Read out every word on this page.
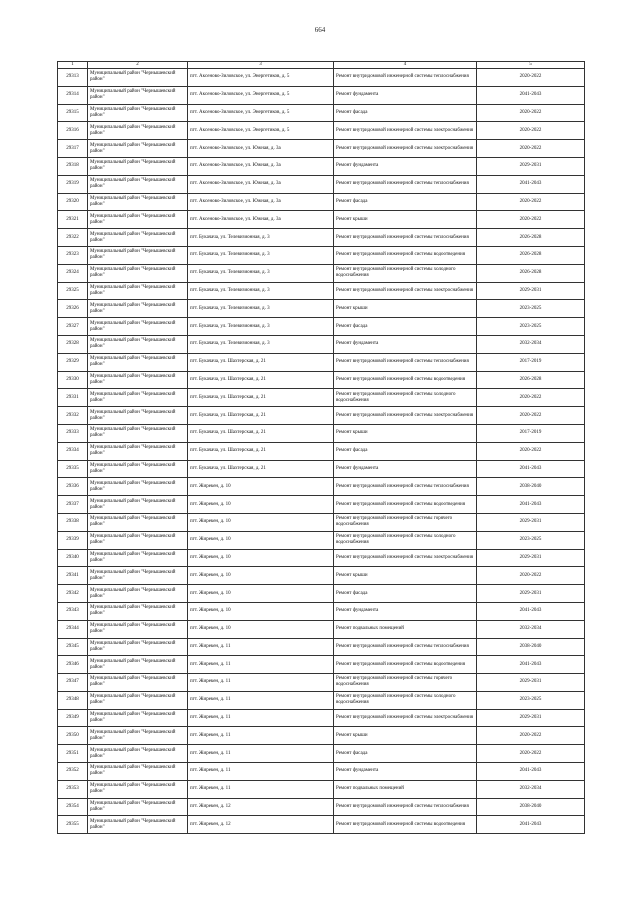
664
1	2	3	4	5
29313	Муниципальный район "Чернышевский район"	пгт. Аксеново-Зиловское, ул. Энергетиков, д. 5	Ремонт внутридомовой инженерной системы теплоснабжения	2020-2022
29314	Муниципальный район "Чернышевский район"	пгт. Аксеново-Зиловское, ул. Энергетиков, д. 5	Ремонт фундамента	2041-2043
29315	Муниципальный район "Чернышевский район"	пгт. Аксеново-Зиловское, ул. Энергетиков, д. 5	Ремонт фасада	2020-2022
29316	Муниципальный район "Чернышевский район"	пгт. Аксеново-Зиловское, ул. Энергетиков, д. 5	Ремонт внутридомовой инженерной системы электроснабжения	2020-2022
29317	Муниципальный район "Чернышевский район"	пгт. Аксеново-Зиловское, ул. Южная, д. 3а	Ремонт внутридомовой инженерной системы электроснабжения	2020-2022
29318	Муниципальный район "Чернышевский район"	пгт. Аксеново-Зиловское, ул. Южная, д. 3а	Ремонт фундамента	2029-2031
29319	Муниципальный район "Чернышевский район"	пгт. Аксеново-Зиловское, ул. Южная, д. 3а	Ремонт внутридомовой инженерной системы теплоснабжения	2041-2043
29320	Муниципальный район "Чернышевский район"	пгт. Аксеново-Зиловское, ул. Южная, д. 3а	Ремонт фасада	2020-2022
29321	Муниципальный район "Чернышевский район"	пгт. Аксеново-Зиловское, ул. Южная, д. 3а	Ремонт крыши	2020-2022
29322	Муниципальный район "Чернышевский район"	пгт. Букачача, ул. Телевизионная, д. 3	Ремонт внутридомовой инженерной системы теплоснабжения	2026-2028
29323	Муниципальный район "Чернышевский район"	пгт. Букачача, ул. Телевизионная, д. 3	Ремонт внутридомовой инженерной системы водоотведения	2026-2028
29324	Муниципальный район "Чернышевский район"	пгт. Букачача, ул. Телевизионная, д. 3	Ремонт внутридомовой инженерной системы холодного водоснабжения	2026-2028
29325	Муниципальный район "Чернышевский район"	пгт. Букачача, ул. Телевизионная, д. 3	Ремонт внутридомовой инженерной системы электроснабжения	2029-2031
29326	Муниципальный район "Чернышевский район"	пгт. Букачача, ул. Телевизионная, д. 3	Ремонт крыши	2023-2025
29327	Муниципальный район "Чернышевский район"	пгт. Букачача, ул. Телевизионная, д. 3	Ремонт фасада	2023-2025
29328	Муниципальный район "Чернышевский район"	пгт. Букачача, ул. Телевизионная, д. 3	Ремонт фундамента	2032-2034
29329	Муниципальный район "Чернышевский район"	пгт. Букачача, ул. Шахтерская, д. 21	Ремонт внутридомовой инженерной системы теплоснабжения	2017-2019
29330	Муниципальный район "Чернышевский район"	пгт. Букачача, ул. Шахтерская, д. 21	Ремонт внутридомовой инженерной системы водоотведения	2026-2028
29331	Муниципальный район "Чернышевский район"	пгт. Букачача, ул. Шахтерская, д. 21	Ремонт внутридомовой инженерной системы холодного водоснабжения	2020-2022
29332	Муниципальный район "Чернышевский район"	пгт. Букачача, ул. Шахтерская, д. 21	Ремонт внутридомовой инженерной системы электроснабжения	2020-2022
29333	Муниципальный район "Чернышевский район"	пгт. Букачача, ул. Шахтерская, д. 21	Ремонт крыши	2017-2019
29334	Муниципальный район "Чернышевский район"	пгт. Букачача, ул. Шахтерская, д. 21	Ремонт фасада	2020-2022
29335	Муниципальный район "Чернышевский район"	пгт. Букачача, ул. Шахтерская, д. 21	Ремонт фундамента	2041-2043
29336	Муниципальный район "Чернышевский район"	пгт. Жирекен, д. 10	Ремонт внутридомовой инженерной системы теплоснабжения	2038-2040
29337	Муниципальный район "Чернышевский район"	пгт. Жирекен, д. 10	Ремонт внутридомовой инженерной системы водоотведения	2041-2043
29338	Муниципальный район "Чернышевский район"	пгт. Жирекен, д. 10	Ремонт внутридомовой инженерной системы горячего водоснабжения	2029-2031
29339	Муниципальный район "Чернышевский район"	пгт. Жирекен, д. 10	Ремонт внутридомовой инженерной системы холодного водоснабжения	2023-2025
29340	Муниципальный район "Чернышевский район"	пгт. Жирекен, д. 10	Ремонт внутридомовой инженерной системы электроснабжения	2029-2031
29341	Муниципальный район "Чернышевский район"	пгт. Жирекен, д. 10	Ремонт крыши	2020-2022
29342	Муниципальный район "Чернышевский район"	пгт. Жирекен, д. 10	Ремонт фасада	2029-2031
29343	Муниципальный район "Чернышевский район"	пгт. Жирекен, д. 10	Ремонт фундамента	2041-2043
29344	Муниципальный район "Чернышевский район"	пгт. Жирекен, д. 10	Ремонт подвальных помещений	2032-2034
29345	Муниципальный район "Чернышевский район"	пгт. Жирекен, д. 11	Ремонт внутридомовой инженерной системы теплоснабжения	2038-2040
29346	Муниципальный район "Чернышевский район"	пгт. Жирекен, д. 11	Ремонт внутридомовой инженерной системы водоотведения	2041-2043
29347	Муниципальный район "Чернышевский район"	пгт. Жирекен, д. 11	Ремонт внутридомовой инженерной системы горячего водоснабжения	2029-2031
29348	Муниципальный район "Чернышевский район"	пгт. Жирекен, д. 11	Ремонт внутридомовой инженерной системы холодного водоснабжения	2023-2025
29349	Муниципальный район "Чернышевский район"	пгт. Жирекен, д. 11	Ремонт внутридомовой инженерной системы электроснабжения	2029-2031
29350	Муниципальный район "Чернышевский район"	пгт. Жирекен, д. 11	Ремонт крыши	2020-2022
29351	Муниципальный район "Чернышевский район"	пгт. Жирекен, д. 11	Ремонт фасада	2020-2022
29352	Муниципальный район "Чернышевский район"	пгт. Жирекен, д. 11	Ремонт фундамента	2041-2043
29353	Муниципальный район "Чернышевский район"	пгт. Жирекен, д. 11	Ремонт подвальных помещений	2032-2034
29354	Муниципальный район "Чернышевский район"	пгт. Жирекен, д. 12	Ремонт внутридомовой инженерной системы теплоснабжения	2038-2040
29355	Муниципальный район "Чернышевский район"	пгт. Жирекен, д. 12	Ремонт внутридомовой инженерной системы водоотведения	2041-2043
